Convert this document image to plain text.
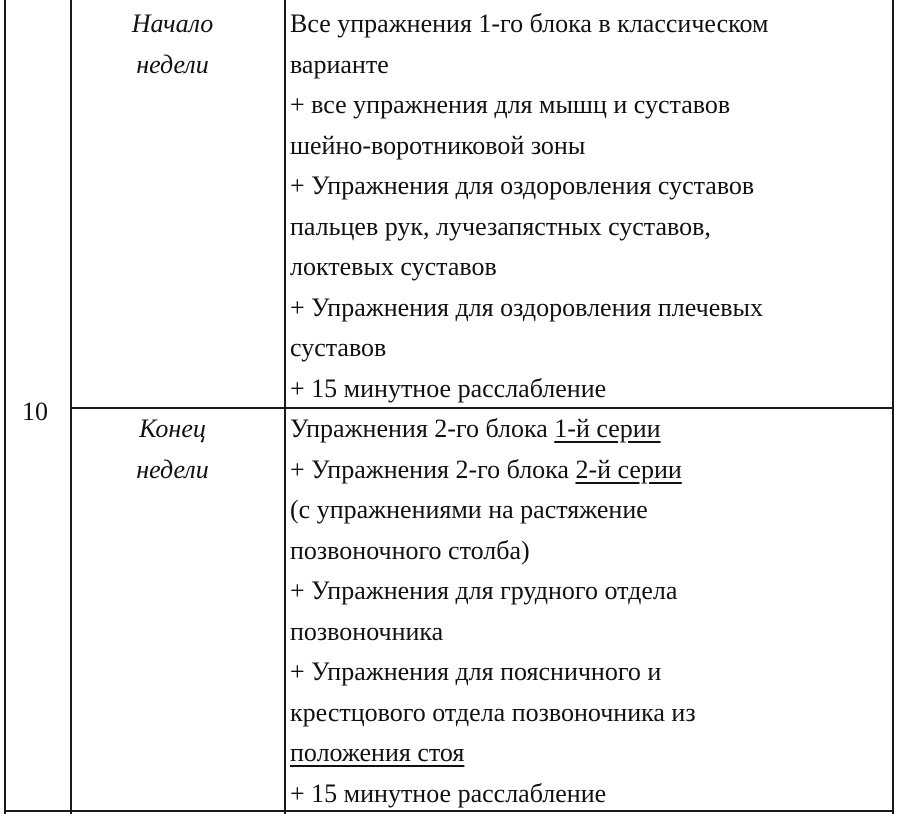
10
Начало
недели
Все упражнения 1-го блока в классическом
варианте
+ все упражнения для мышц и суставов
шейно-воротниковой зоны
+ Упражнения для оздоровления суставов
пальцев рук, лучезапястных суставов,
локтевых суставов
+ Упражнения для оздоровления плечевых
суставов
+ 15 минутное расслабление
Конец
недели
Упражнения 2-го блока 1-й серии
+ Упражнения 2-го блока 2-й серии
(с упражнениями на растяжение
позвоночного столба)
+ Упражнения для грудного отдела
позвоночника
+ Упражнения для поясничного и
крестцового отдела позвоночника из
положения стоя
+ 15 минутное расслабление
